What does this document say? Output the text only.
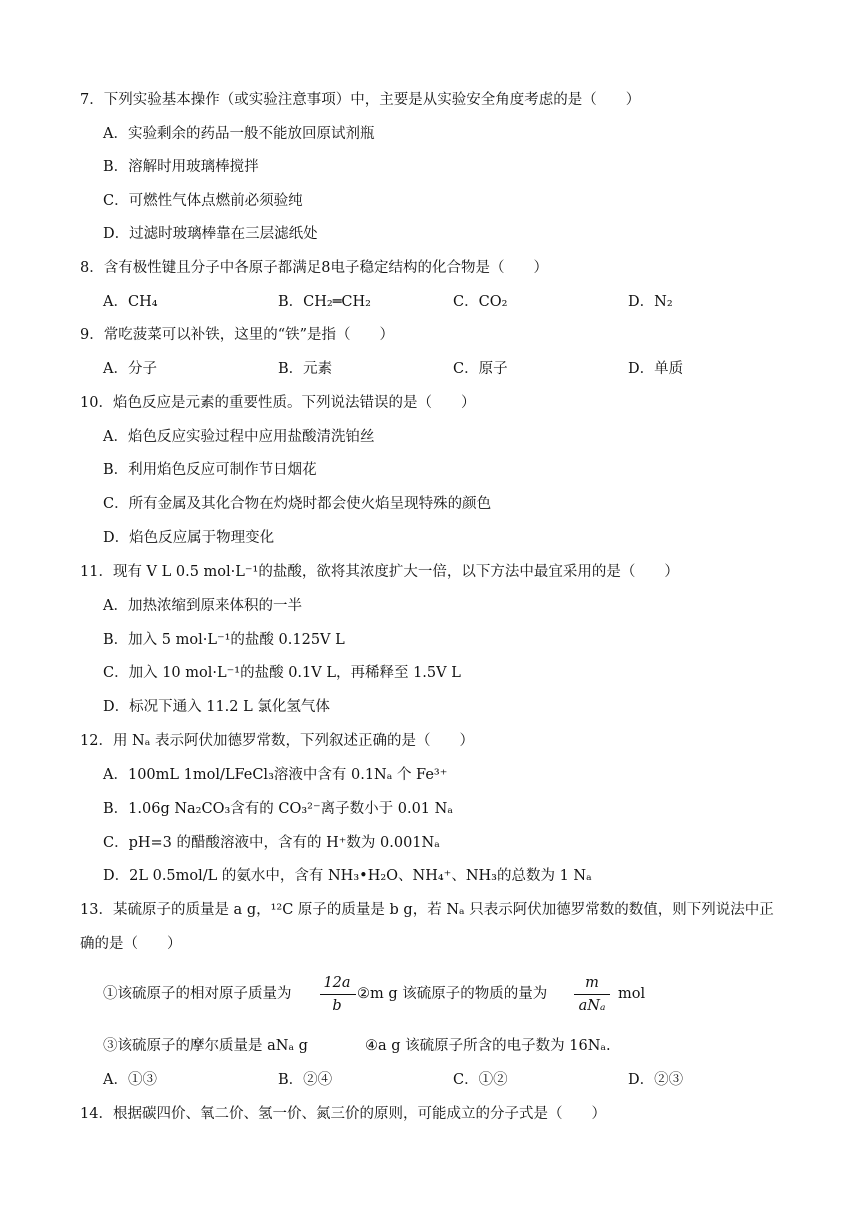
7．下列实验基本操作（或实验注意事项）中，主要是从实验安全角度考虑的是（　　）
A．实验剩余的药品一般不能放回原试剂瓶
B．溶解时用玻璃棒搅拌
C．可燃性气体点燃前必须验纯
D．过滤时玻璃棒靠在三层滤纸处
8．含有极性键且分子中各原子都满足8电子稳定结构的化合物是（　　）
A．CH₄	B．CH₂═CH₂	C．CO₂	D．N₂
9．常吃菠菜可以补铁，这里的“铁”是指（　　）
A．分子	B．元素	C．原子	D．单质
10．焰色反应是元素的重要性质。下列说法错误的是（　　）
A．焰色反应实验过程中应用盐酸清洗铂丝
B．利用焰色反应可制作节日烟花
C．所有金属及其化合物在灼烧时都会使火焰呈现特殊的颜色
D．焰色反应属于物理变化
11．现有 V L 0.5 mol·L⁻¹的盐酸，欲将其浓度扩大一倍，以下方法中最宜采用的是（　　）
A．加热浓缩到原来体积的一半
B．加入 5 mol·L⁻¹的盐酸 0.125V L
C．加入 10 mol·L⁻¹的盐酸 0.1V L，再稀释至 1.5V L
D．标况下通入 11.2 L 氯化氢气体
12．用 Nₐ 表示阿伏加德罗常数，下列叙述正确的是（　　）
A．100mL 1mol/LFeCl₃溶液中含有 0.1Nₐ 个 Fe³⁺
B．1.06g Na₂CO₃含有的 CO₃²⁻离子数小于 0.01 Nₐ
C．pH=3 的醋酸溶液中，含有的 H⁺数为 0.001Nₐ
D．2L 0.5mol/L 的氨水中，含有 NH₃•H₂O、NH₄⁺、NH₃的总数为 1 Nₐ
13．某硫原子的质量是 a g，¹²C 原子的质量是 b g，若 Nₐ 只表示阿伏加德罗常数的数值，则下列说法中正
确的是（　　）
①该硫原子的相对原子质量为
12a
b
②m g 该硫原子的物质的量为
m
aNₐ
mol
③该硫原子的摩尔质量是 aNₐ g	④a g 该硫原子所含的电子数为 16Nₐ.
A．①③	B．②④	C．①②	D．②③
14．根据碳四价、氧二价、氢一价、氮三价的原则，可能成立的分子式是（　　）
